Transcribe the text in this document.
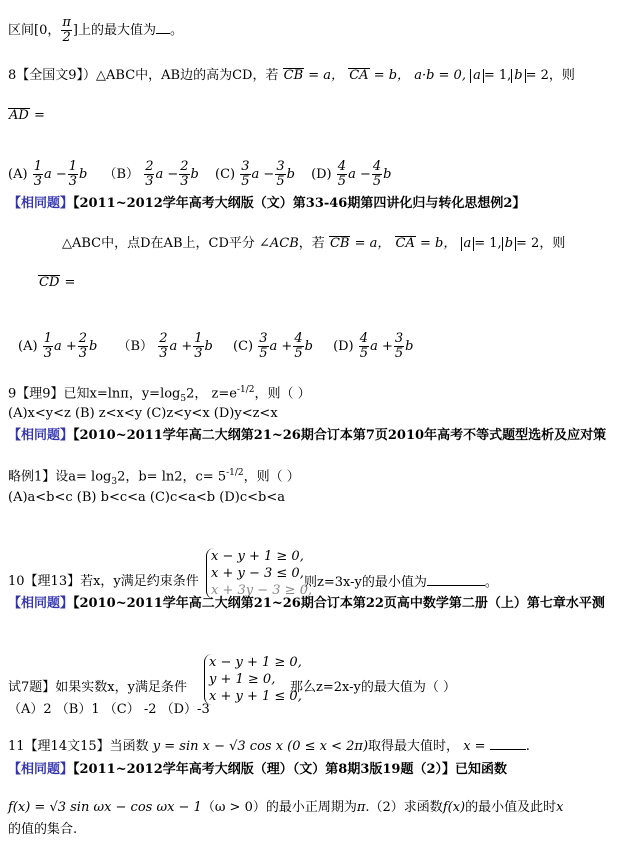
区间[0， $\frac{\pi}{2}$ ]上的最大值为 。
8【全国文9】）△ABC中，AB边的高为CD，若 CB = a， CA = b， a·b = 0, a = 1, b = 2，则
AD =
$(A) \frac{1}{3}$ $a - \frac{1}{3}$ b $(B) \frac{2}{3}$ $a - \frac{2}{3}$ b $(C) \frac{3}{5}$ $a - \frac{3}{5}$ b $(D) \frac{4}{5}$ $a - \frac{4}{5}$ b
【相同题】【2011~2012学年高考大纲版（文）第33-46期第四讲化归与转化思想例2】
△ABC中，点D在AB上，CD平分 ∠ACB，若 CB = a， CA = b， a = 1, b = 2，则
CD =
$(A) \frac{1}{3}$ $a + \frac{2}{3}$ b $(B) \frac{2}{3}$ $a + \frac{1}{3}$ b $(C) \frac{3}{5}$ $a + \frac{4}{5}$ b $(D) \frac{4}{5}$ $a + \frac{3}{5}$ b
9【理9】已知x=lnπ，$y=\log_52$， $z=e^{-1/2}$，则（ ）
(A)x<y<z (B) z<x<y (C)z<y<x (D)y<z<x
【相同题】【2010~2011学年高二大纲第21~26期合订本第7页2010年高考不等式题型选析及应对策
略例1】设$a= \log_32$，b= ln2，$c= 5^{-1/2}$，则（ ）
(A)a<b<c (B) b<c<a (C)c<a<b (D)c<b<a
10【理13】若x，y满足约束条件
x − y + 1 ≥ 0,
x + y − 3 ≤ 0,
x + 3y − 3 ≥ 0,
则z=3x-y的最小值为	。
【相同题】【2010~2011学年高二大纲第21~26期合订本第22页高中数学第二册（上）第七章水平测
试7题】如果实数x，y满足条件
x − y + 1 ≥ 0,
y + 1 ≥ 0,
x + y + 1 ≤ 0,
那么z=2x-y的最大值为（ ）
（A）2 （B）1 （C） -2 （D）-3
11【理14文15】当函数 y = sin x − √3 cos x (0 ≤ x < 2π)取得最大值时， x =	.
【相同题】【2011~2012学年高考大纲版（理）（文）第8期3版19题（2）】已知函数
f(x) = √3 sin ωx − cos ωx − 1（ω > 0）的最小正周期为π.（2）求函数f(x)的最小值及此时x
的值的集合.
